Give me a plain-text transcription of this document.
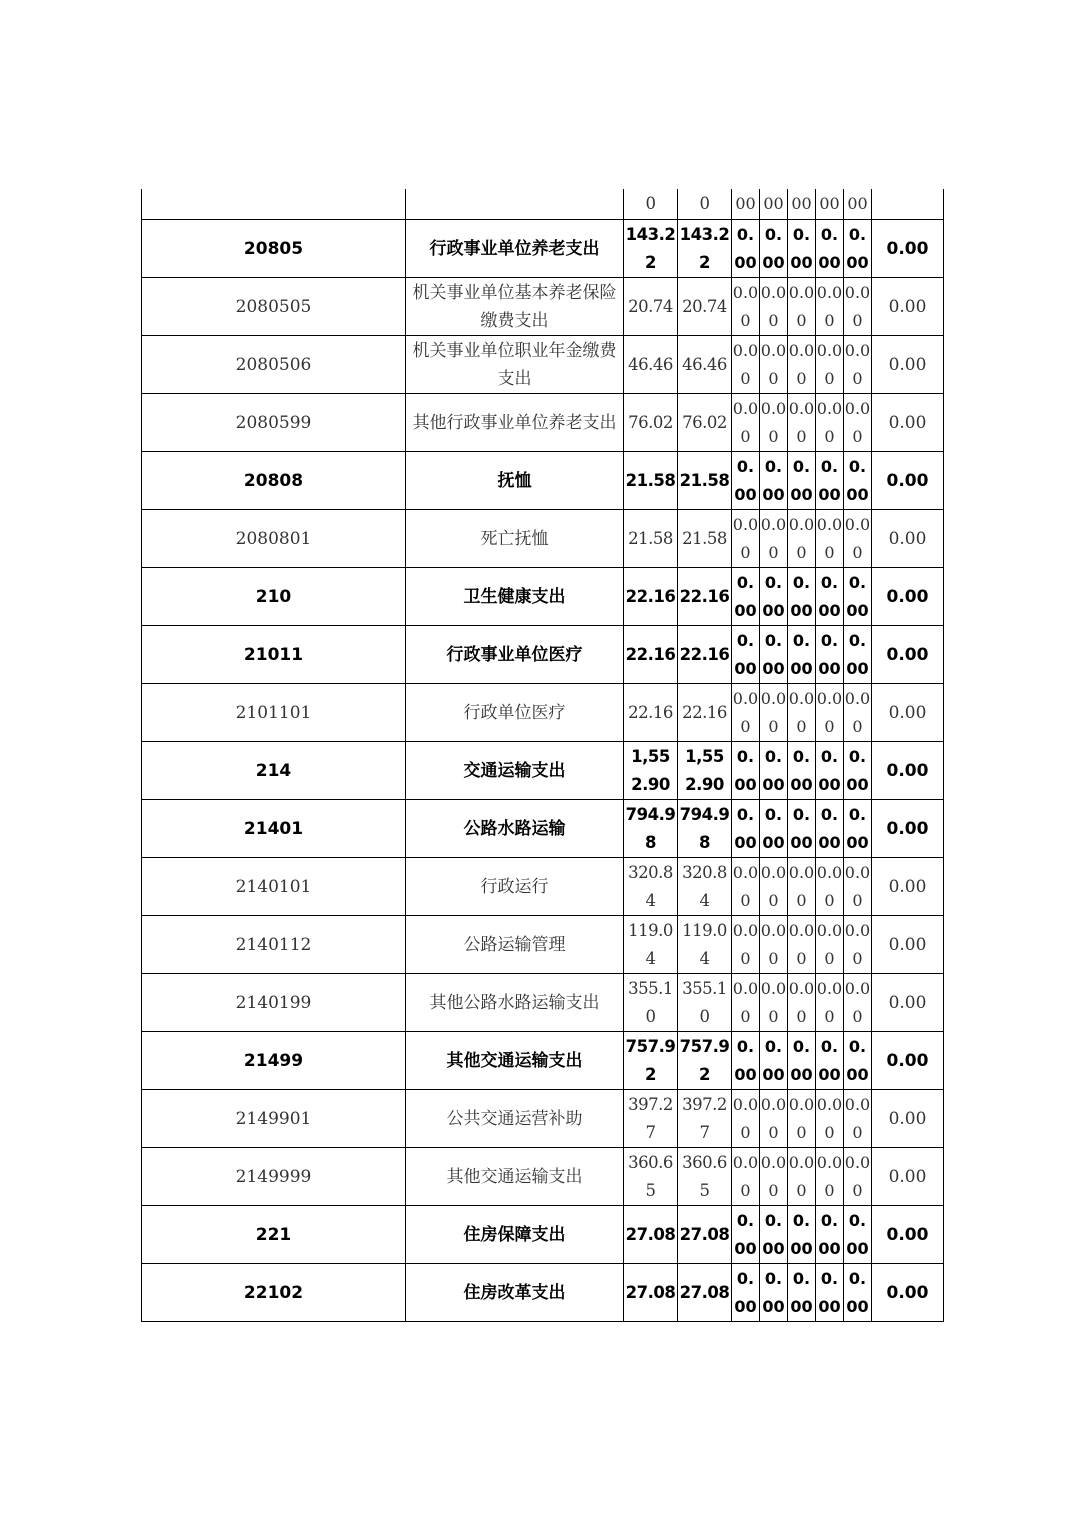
		0	0	00	00	00	00	00	
20805	行政事业单位养老支出	143.22	143.22	0.00	0.00	0.00	0.00	0.00	0.00
2080505	机关事业单位基本养老保险缴费支出	20.74	20.74	0.00	0.00	0.00	0.00	0.00	0.00
2080506	机关事业单位职业年金缴费支出	46.46	46.46	0.00	0.00	0.00	0.00	0.00	0.00
2080599	其他行政事业单位养老支出	76.02	76.02	0.00	0.00	0.00	0.00	0.00	0.00
20808	抚恤	21.58	21.58	0.00	0.00	0.00	0.00	0.00	0.00
2080801	死亡抚恤	21.58	21.58	0.00	0.00	0.00	0.00	0.00	0.00
210	卫生健康支出	22.16	22.16	0.00	0.00	0.00	0.00	0.00	0.00
21011	行政事业单位医疗	22.16	22.16	0.00	0.00	0.00	0.00	0.00	0.00
2101101	行政单位医疗	22.16	22.16	0.00	0.00	0.00	0.00	0.00	0.00
214	交通运输支出	1,552.90	1,552.90	0.00	0.00	0.00	0.00	0.00	0.00
21401	公路水路运输	794.98	794.98	0.00	0.00	0.00	0.00	0.00	0.00
2140101	行政运行	320.84	320.84	0.00	0.00	0.00	0.00	0.00	0.00
2140112	公路运输管理	119.04	119.04	0.00	0.00	0.00	0.00	0.00	0.00
2140199	其他公路水路运输支出	355.10	355.10	0.00	0.00	0.00	0.00	0.00	0.00
21499	其他交通运输支出	757.92	757.92	0.00	0.00	0.00	0.00	0.00	0.00
2149901	公共交通运营补助	397.27	397.27	0.00	0.00	0.00	0.00	0.00	0.00
2149999	其他交通运输支出	360.65	360.65	0.00	0.00	0.00	0.00	0.00	0.00
221	住房保障支出	27.08	27.08	0.00	0.00	0.00	0.00	0.00	0.00
22102	住房改革支出	27.08	27.08	0.00	0.00	0.00	0.00	0.00	0.00
